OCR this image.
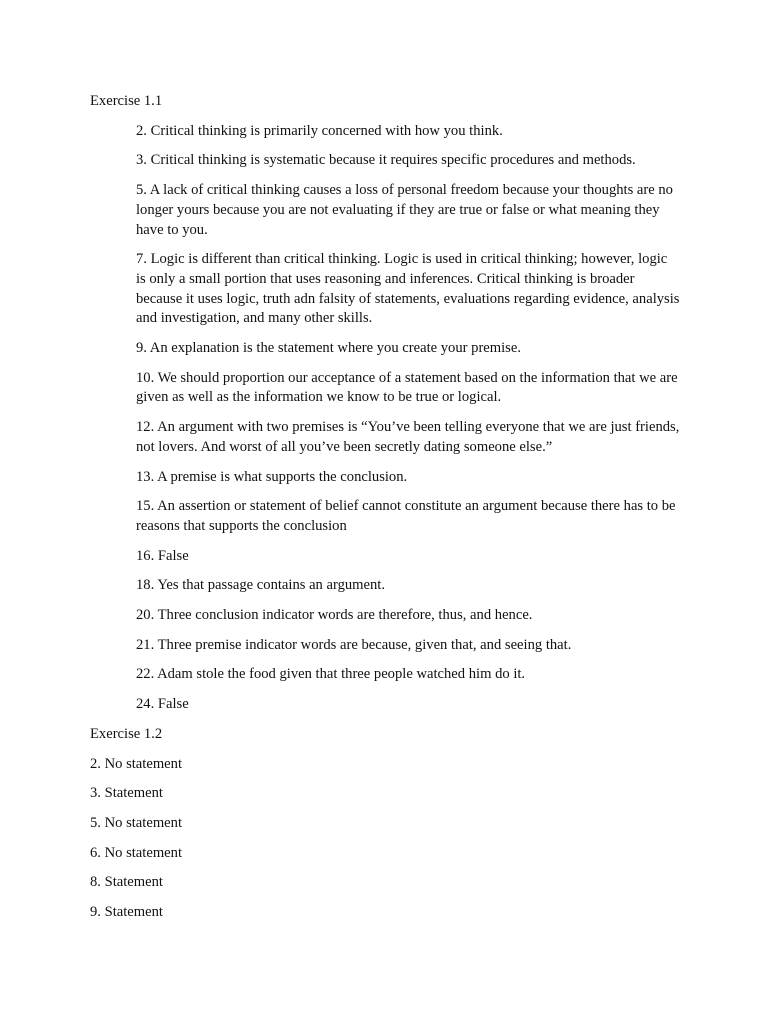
Exercise 1.1

2. Critical thinking is primarily concerned with how you think.

3. Critical thinking is systematic because it requires specific procedures and methods.

5. A lack of critical thinking causes a loss of personal freedom because your thoughts are no longer yours because you are not evaluating if they are true or false or what meaning they have to you.

7. Logic is different than critical thinking. Logic is used in critical thinking; however, logic is only a small portion that uses reasoning and inferences. Critical thinking is broader because it uses logic, truth adn falsity of statements, evaluations regarding evidence, analysis and investigation, and many other skills.

9. An explanation is the statement where you create your premise.

10. We should proportion our acceptance of a statement based on the information that we are given as well as the information we know to be true or logical.

12. An argument with two premises is “You’ve been telling everyone that we are just friends, not lovers. And worst of all you’ve been secretly dating someone else.”

13. A premise is what supports the conclusion.

15. An assertion or statement of belief cannot constitute an argument because there has to be reasons that supports the conclusion

16. False

18. Yes that passage contains an argument.

20. Three conclusion indicator words are therefore, thus, and hence.

21. Three premise indicator words are because, given that, and seeing that.

22. Adam stole the food given that three people watched him do it.

24. False

Exercise 1.2

2. No statement

3. Statement

5. No statement

6. No statement

8. Statement

9. Statement
